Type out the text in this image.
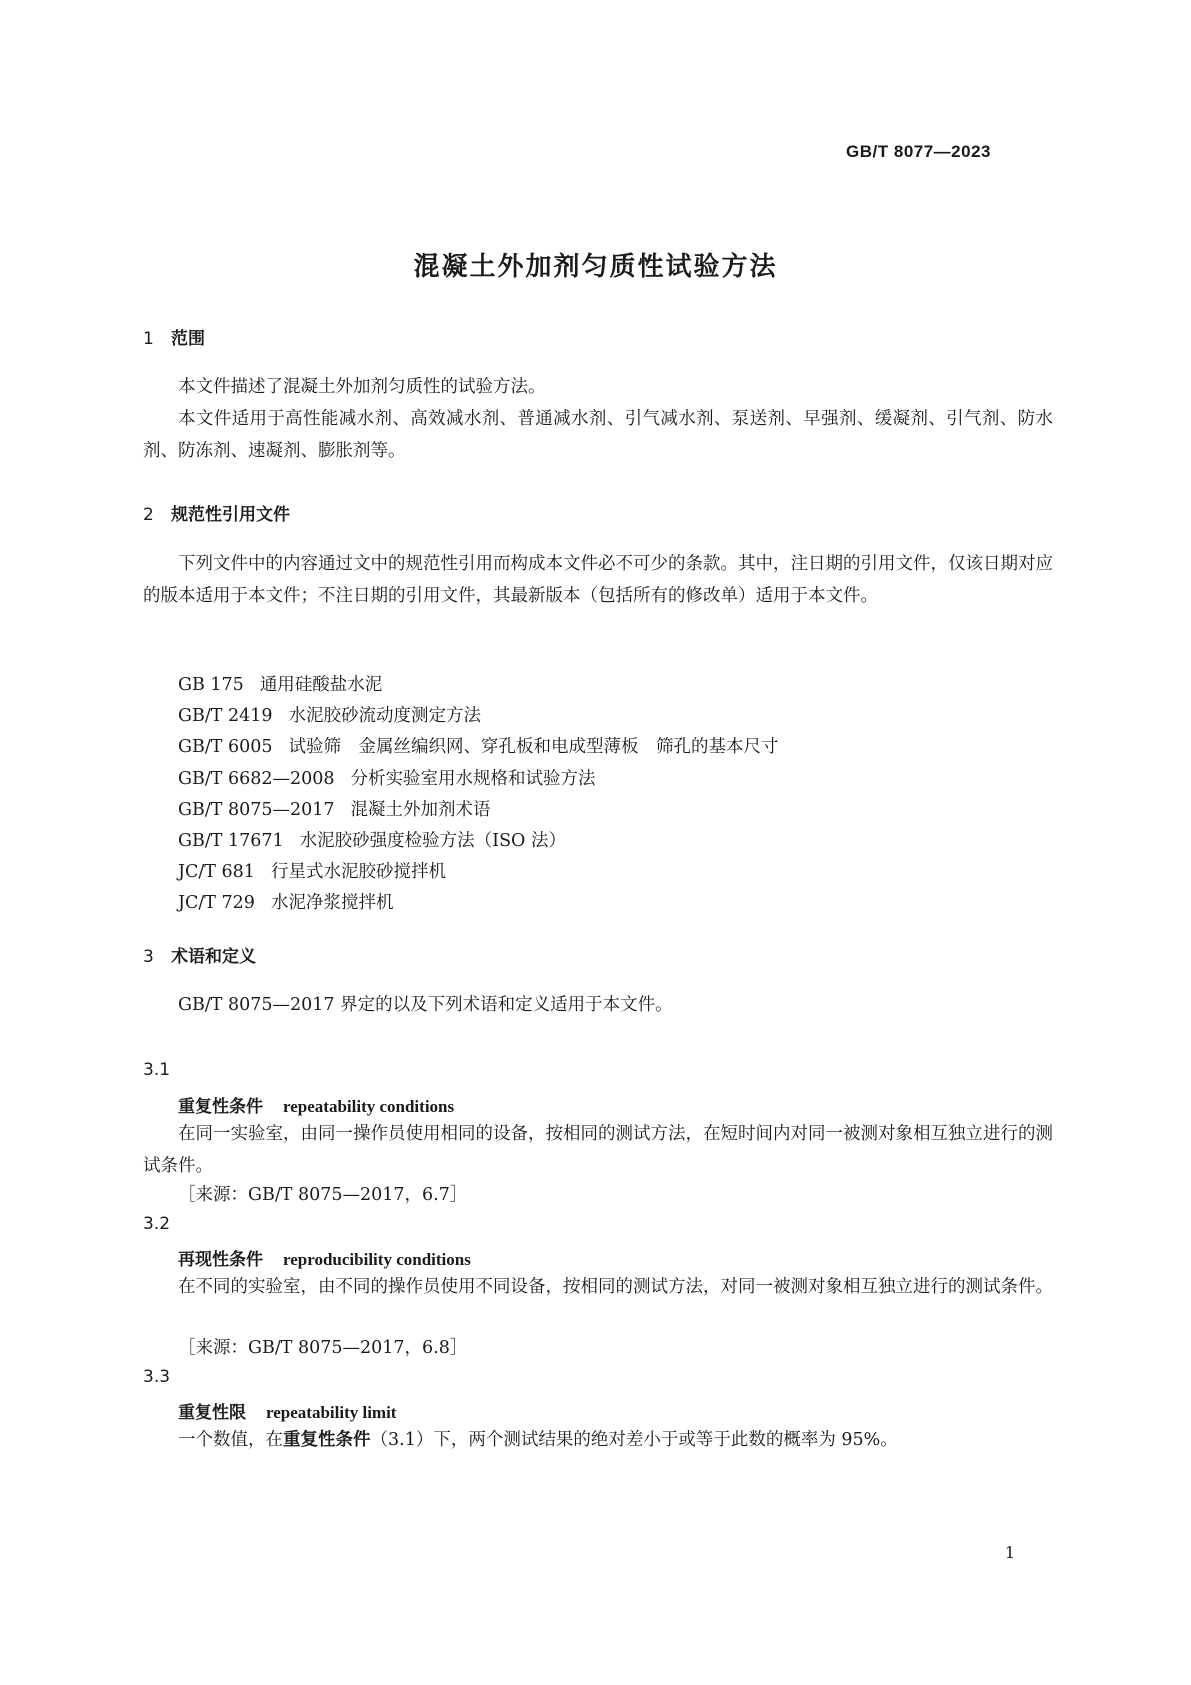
GB/T 8077—2023
混凝土外加剂匀质性试验方法
1 范围
本文件描述了混凝土外加剂匀质性的试验方法。
本文件适用于高性能减水剂、高效减水剂、普通减水剂、引气减水剂、泵送剂、早强剂、缓凝剂、引气剂、防水剂、防冻剂、速凝剂、膨胀剂等。
2 规范性引用文件
下列文件中的内容通过文中的规范性引用而构成本文件必不可少的条款。其中，注日期的引用文件，仅该日期对应的版本适用于本文件；不注日期的引用文件，其最新版本（包括所有的修改单）适用于本文件。
GB 175 通用硅酸盐水泥
GB/T 2419 水泥胶砂流动度测定方法
GB/T 6005 试验筛　金属丝编织网、穿孔板和电成型薄板　筛孔的基本尺寸
GB/T 6682—2008 分析实验室用水规格和试验方法
GB/T 8075—2017 混凝土外加剂术语
GB/T 17671 水泥胶砂强度检验方法（ISO 法）
JC/T 681 行星式水泥胶砂搅拌机
JC/T 729 水泥净浆搅拌机
3 术语和定义
GB/T 8075—2017 界定的以及下列术语和定义适用于本文件。
3.1
重复性条件 repeatability conditions
在同一实验室，由同一操作员使用相同的设备，按相同的测试方法，在短时间内对同一被测对象相互独立进行的测试条件。
［来源：GB/T 8075—2017，6.7］
3.2
再现性条件 reproducibility conditions
在不同的实验室，由不同的操作员使用不同设备，按相同的测试方法，对同一被测对象相互独立进行的测试条件。
［来源：GB/T 8075—2017，6.8］
3.3
重复性限 repeatability limit
一个数值，在重复性条件（3.1）下，两个测试结果的绝对差小于或等于此数的概率为 95%。
1
